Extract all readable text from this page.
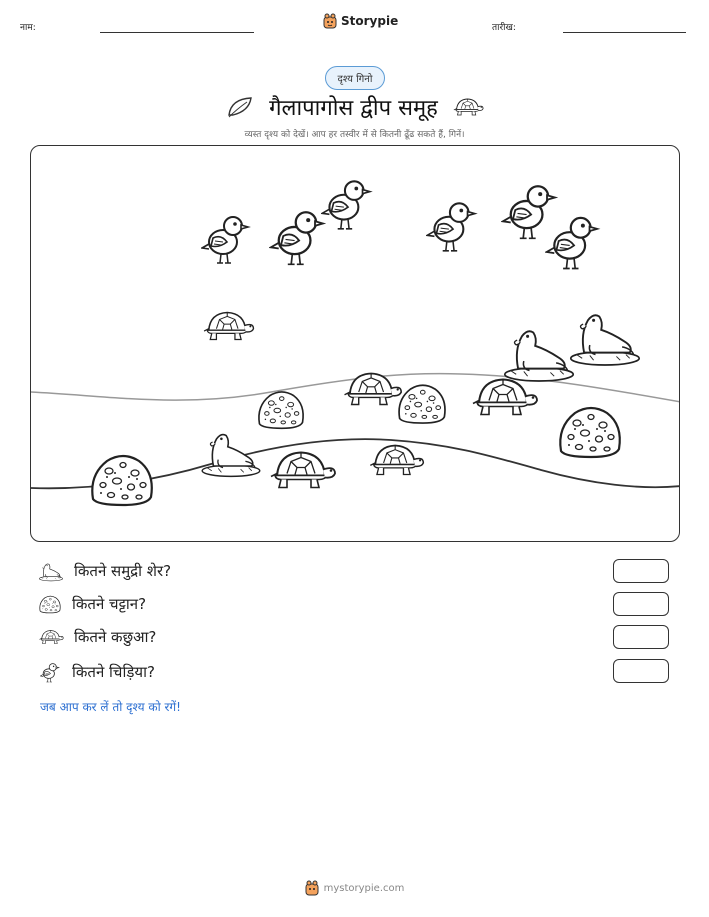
नाम:	Storypie	तारीख:
दृश्य गिनो
गैलापागोस द्वीप समूह
व्यस्त दृश्य को देखें। आप हर तस्वीर में से कितनी ढूँढ सकते हैं, गिनें।
कितने समुद्री शेर?
कितने चट्टान?
कितने कछुआ?
कितने चिड़िया?
जब आप कर लें तो दृश्य को रगें!
mystorypie.com
